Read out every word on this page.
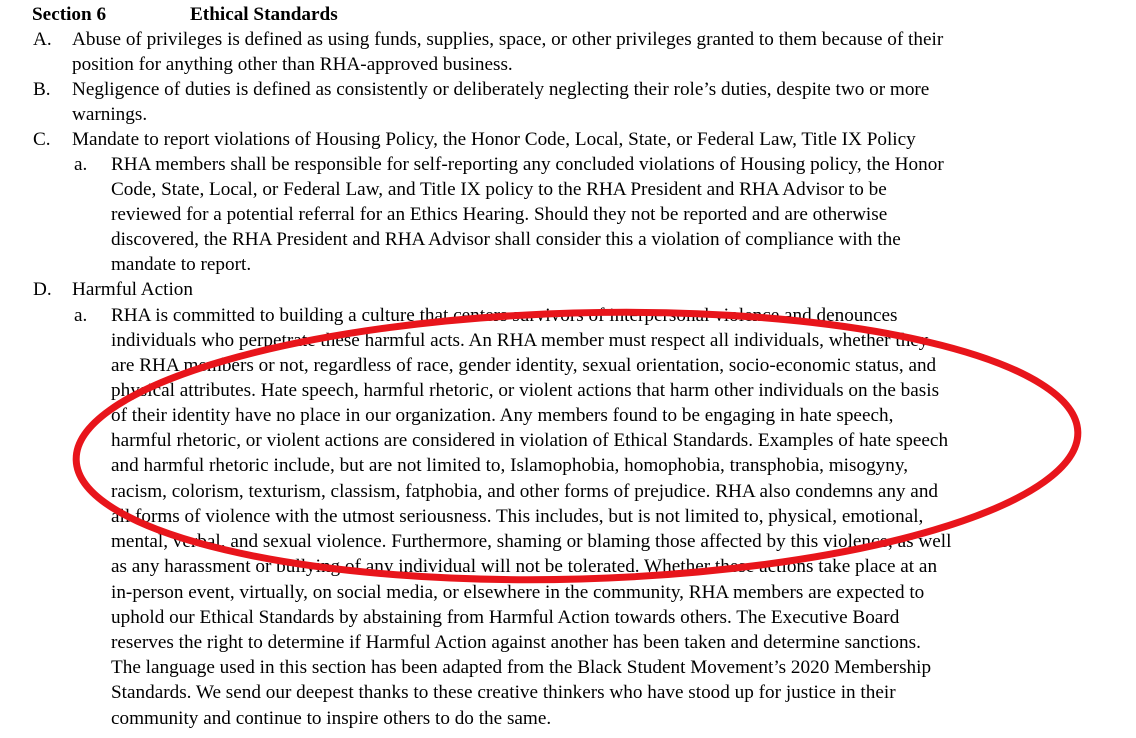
Section 6	Ethical Standards
A. Abuse of privileges is defined as using funds, supplies, space, or other privileges granted to them because of their
position for anything other than RHA-approved business.
B. Negligence of duties is defined as consistently or deliberately neglecting their role’s duties, despite two or more
warnings.
C. Mandate to report violations of Housing Policy, the Honor Code, Local, State, or Federal Law, Title IX Policy
a. RHA members shall be responsible for self-reporting any concluded violations of Housing policy, the Honor
Code, State, Local, or Federal Law, and Title IX policy to the RHA President and RHA Advisor to be
reviewed for a potential referral for an Ethics Hearing. Should they not be reported and are otherwise
discovered, the RHA President and RHA Advisor shall consider this a violation of compliance with the
mandate to report.
D. Harmful Action
a. RHA is committed to building a culture that centers survivors of interpersonal violence and denounces
individuals who perpetrate these harmful acts. An RHA member must respect all individuals, whether they
are RHA members or not, regardless of race, gender identity, sexual orientation, socio-economic status, and
physical attributes. Hate speech, harmful rhetoric, or violent actions that harm other individuals on the basis
of their identity have no place in our organization. Any members found to be engaging in hate speech,
harmful rhetoric, or violent actions are considered in violation of Ethical Standards. Examples of hate speech
and harmful rhetoric include, but are not limited to, Islamophobia, homophobia, transphobia, misogyny,
racism, colorism, texturism, classism, fatphobia, and other forms of prejudice. RHA also condemns any and
all forms of violence with the utmost seriousness. This includes, but is not limited to, physical, emotional,
mental, verbal, and sexual violence. Furthermore, shaming or blaming those affected by this violence, as well
as any harassment or bullying of any individual will not be tolerated. Whether these actions take place at an
in-person event, virtually, on social media, or elsewhere in the community, RHA members are expected to
uphold our Ethical Standards by abstaining from Harmful Action towards others. The Executive Board
reserves the right to determine if Harmful Action against another has been taken and determine sanctions.
The language used in this section has been adapted from the Black Student Movement’s 2020 Membership
Standards. We send our deepest thanks to these creative thinkers who have stood up for justice in their
community and continue to inspire others to do the same.
